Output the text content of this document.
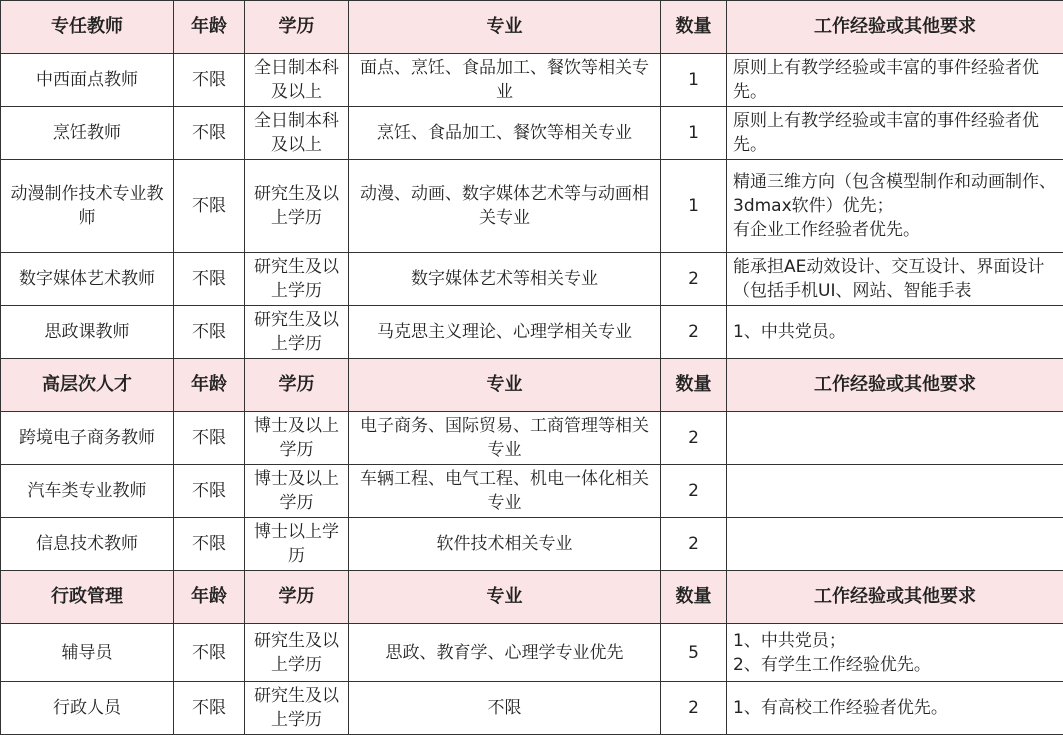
专任教师	年龄	学历	专业	数量	工作经验或其他要求
中西面点教师	不限	全日制本科及以上	面点、烹饪、食品加工、餐饮等相关专业	1	原则上有教学经验或丰富的事件经验者优先。

烹饪教师	不限	全日制本科及以上	烹饪、食品加工、餐饮等相关专业	1	原则上有教学经验或丰富的事件经验者优先。

动漫制作技术专业教师	不限	研究生及以上学历	动漫、动画、数字媒体艺术等与动画相关专业	1	精通三维方向（包含模型制作和动画制作、3dmax软件）优先；
有企业工作经验者优先。

数字媒体艺术教师	不限	研究生及以上学历	数字媒体艺术等相关专业	2	能承担AE动效设计、交互设计、界面设计（包括手机UI、网站、智能手表

思政课教师	不限	研究生及以上学历	马克思主义理论、心理学相关专业	2	1、中共党员。

高层次人才	年龄	学历	专业	数量	工作经验或其他要求
跨境电子商务教师	不限	博士及以上学历	电子商务、国际贸易、工商管理等相关专业	2	
汽车类专业教师	不限	博士及以上学历	车辆工程、电气工程、机电一体化相关专业	2	
信息技术教师	不限	博士以上学历	软件技术相关专业	2	
行政管理	年龄	学历	专业	数量	工作经验或其他要求
辅导员	不限	研究生及以上学历	思政、教育学、心理学专业优先	5	1、中共党员；
2、有学生工作经验优先。

行政人员	不限	研究生及以上学历	不限	2	1、有高校工作经验者优先。
